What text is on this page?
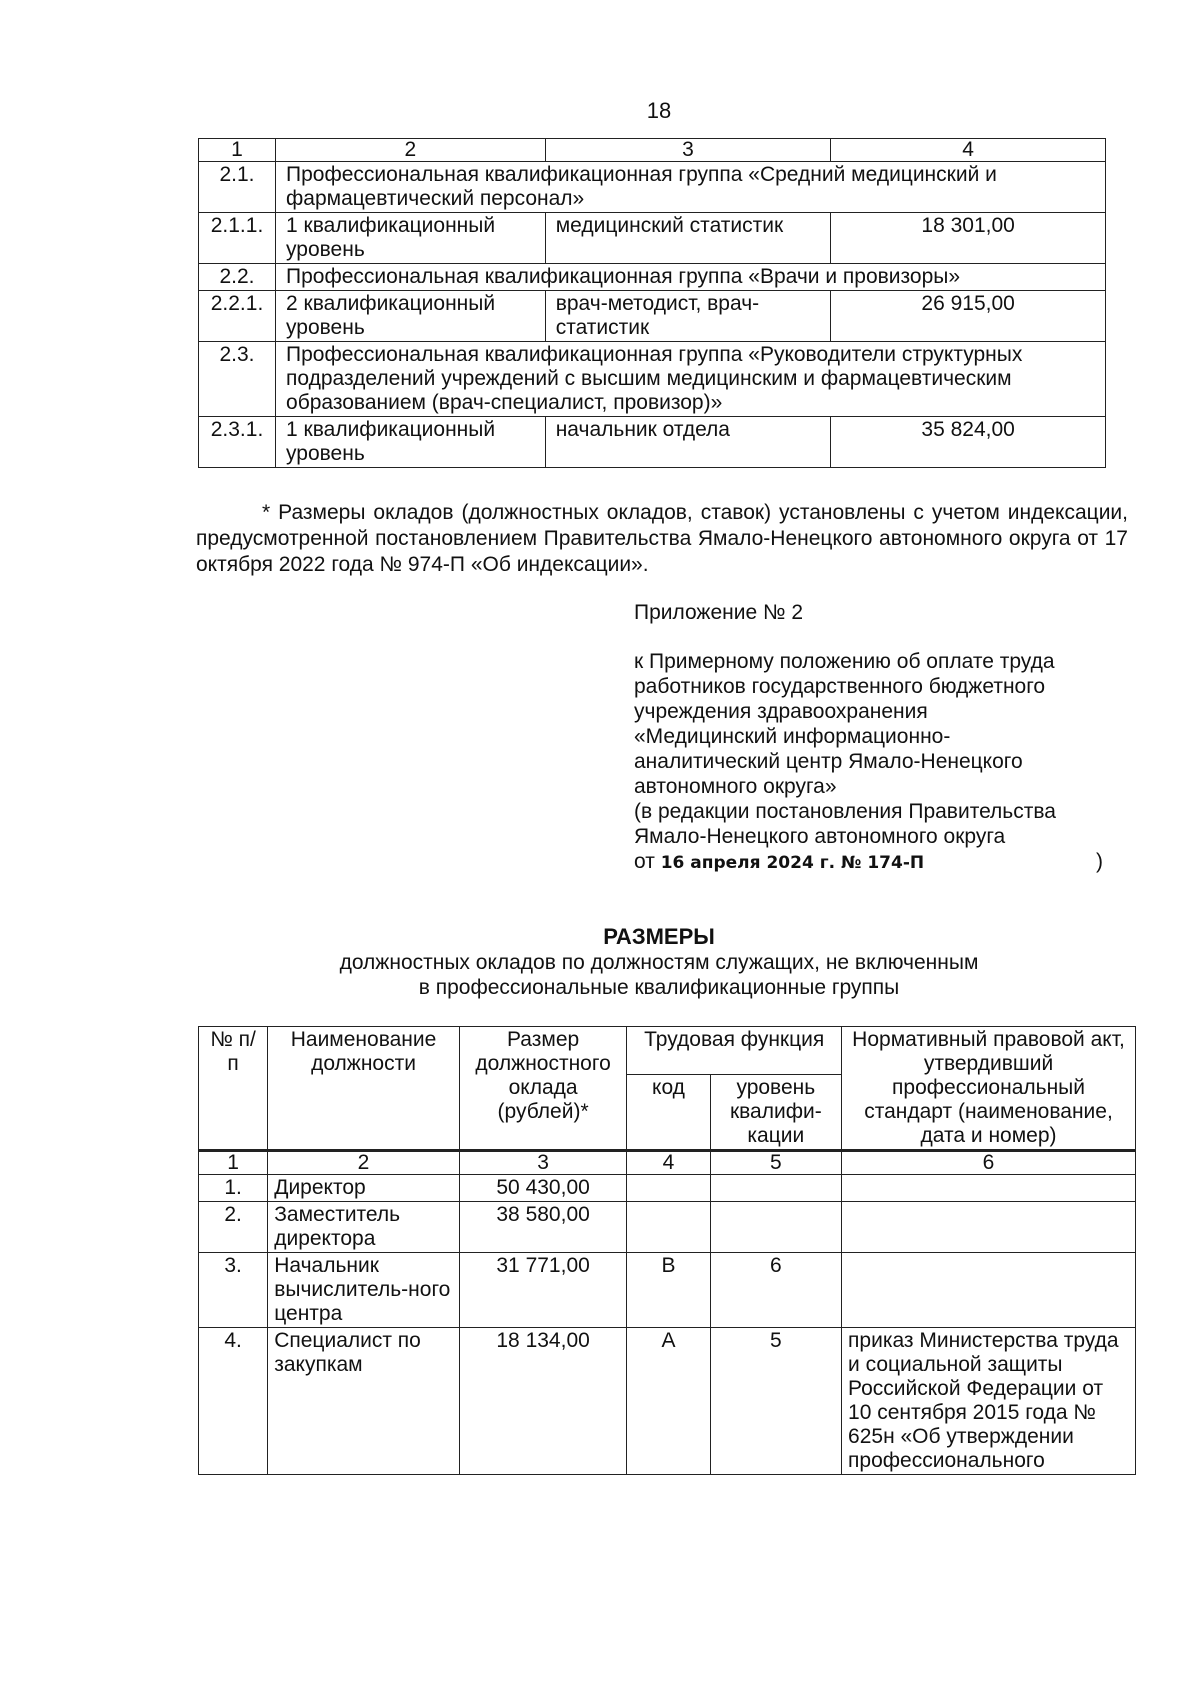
18
1	2	3	4
2.1.	Профессиональная квалификационная группа «Средний медицинский и фармацевтический персонал»		
2.1.1.	1 квалификационный уровень	медицинский статистик	18 301,00
2.2.	Профессиональная квалификационная группа «Врачи и провизоры»		
2.2.1.	2 квалификационный уровень	врач-методист, врач-статистик	26 915,00
2.3.	Профессиональная квалификационная группа «Руководители структурных подразделений учреждений с высшим медицинским и фармацевтическим образованием (врач-специалист, провизор)»		
2.3.1.	1 квалификационный уровень	начальник отдела	35 824,00
* Размеры окладов (должностных окладов, ставок) установлены с учетом индексации, предусмотренной постановлением Правительства Ямало-Ненецкого автономного округа от 17 октября 2022 года № 974-П «Об индексации».
Приложение № 2
к Примерному положению об оплате труда
работников государственного бюджетного
учреждения здравоохранения
«Медицинский информационно-
аналитический центр Ямало-Ненецкого
автономного округа»
(в редакции постановления Правительства
Ямало-Ненецкого автономного округа
от 16 апреля 2024 г. № 174-П	)
РАЗМЕРЫ
должностных окладов по должностям служащих, не включенным
в профессиональные квалификационные группы
№ п/п	Наименование должности	Размер должностного оклада (рублей)*	Трудовая функция		Нормативный правовой акт, утвердивший профессиональный стандарт (наименование, дата и номер)
			код	уровень квалифи-кации	
1	2	3	4	5	6
1.	Директор	50 430,00			
2.	Заместитель директора	38 580,00			
3.	Начальник вычислитель-ного центра	31 771,00	В	6	
4.	Специалист по закупкам	18 134,00	А	5	приказ Министерства труда и социальной защиты Российской Федерации от 10 сентября 2015 года № 625н «Об утверждении профессионального
